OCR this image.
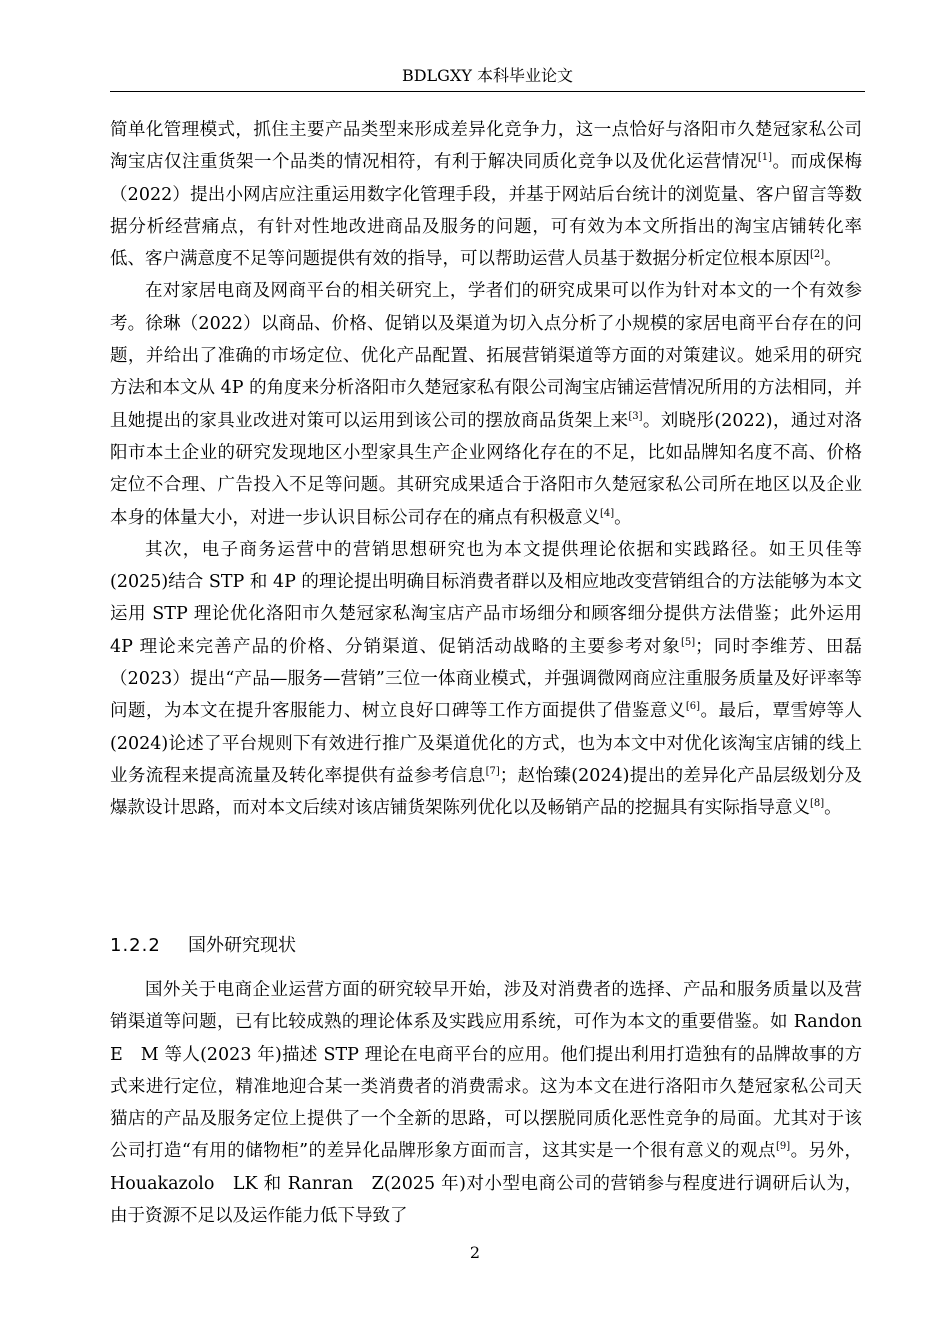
BDLGXY 本科毕业论文

简单化管理模式，抓住主要产品类型来形成差异化竞争力，这一点恰好与洛阳市久楚冠家私公司淘宝店仅注重货架一个品类的情况相符，有利于解决同质化竞争以及优化运营情况[1]。而成保梅（2022）提出小网店应注重运用数字化管理手段，并基于网站后台统计的浏览量、客户留言等数据分析经营痛点，有针对性地改进商品及服务的问题，可有效为本文所指出的淘宝店铺转化率低、客户满意度不足等问题提供有效的指导，可以帮助运营人员基于数据分析定位根本原因[2]。

在对家居电商及网商平台的相关研究上，学者们的研究成果可以作为针对本文的一个有效参考。徐琳（2022）以商品、价格、促销以及渠道为切入点分析了小规模的家居电商平台存在的问题，并给出了准确的市场定位、优化产品配置、拓展营销渠道等方面的对策建议。她采用的研究方法和本文从 4P 的角度来分析洛阳市久楚冠家私有限公司淘宝店铺运营情况所用的方法相同，并且她提出的家具业改进对策可以运用到该公司的摆放商品货架上来[3]。刘晓彤(2022)，通过对洛阳市本土企业的研究发现地区小型家具生产企业网络化存在的不足，比如品牌知名度不高、价格定位不合理、广告投入不足等问题。其研究成果适合于洛阳市久楚冠家私公司所在地区以及企业本身的体量大小，对进一步认识目标公司存在的痛点有积极意义[4]。

其次，电子商务运营中的营销思想研究也为本文提供理论依据和实践路径。如王贝佳等(2025)结合 STP 和 4P 的理论提出明确目标消费者群以及相应地改变营销组合的方法能够为本文运用 STP 理论优化洛阳市久楚冠家私淘宝店产品市场细分和顾客细分提供方法借鉴；此外运用 4P 理论来完善产品的价格、分销渠道、促销活动战略的主要参考对象[5]；同时李维芳、田磊（2023）提出“产品—服务—营销”三位一体商业模式，并强调微网商应注重服务质量及好评率等问题，为本文在提升客服能力、树立良好口碑等工作方面提供了借鉴意义[6]。最后，覃雪婷等人(2024)论述了平台规则下有效进行推广及渠道优化的方式，也为本文中对优化该淘宝店铺的线上业务流程来提高流量及转化率提供有益参考信息[7]；赵怡臻(2024)提出的差异化产品层级划分及爆款设计思路，而对本文后续对该店铺货架陈列优化以及畅销产品的挖掘具有实际指导意义[8]。

1.2.2 国外研究现状

国外关于电商企业运营方面的研究较早开始，涉及对消费者的选择、产品和服务质量以及营销渠道等问题，已有比较成熟的理论体系及实践应用系统，可作为本文的重要借鉴。如 Randon　E　M 等人(2023 年)描述 STP 理论在电商平台的应用。他们提出利用打造独有的品牌故事的方式来进行定位，精准地迎合某一类消费者的消费需求。这为本文在进行洛阳市久楚冠家私公司天猫店的产品及服务定位上提供了一个全新的思路，可以摆脱同质化恶性竞争的局面。尤其对于该公司打造“有用的储物柜”的差异化品牌形象方面而言，这其实是一个很有意义的观点[9]。另外，Houakazolo　LK 和 Ranran　Z(2025 年)对小型电商公司的营销参与程度进行调研后认为，由于资源不足以及运作能力低下导致了

2
